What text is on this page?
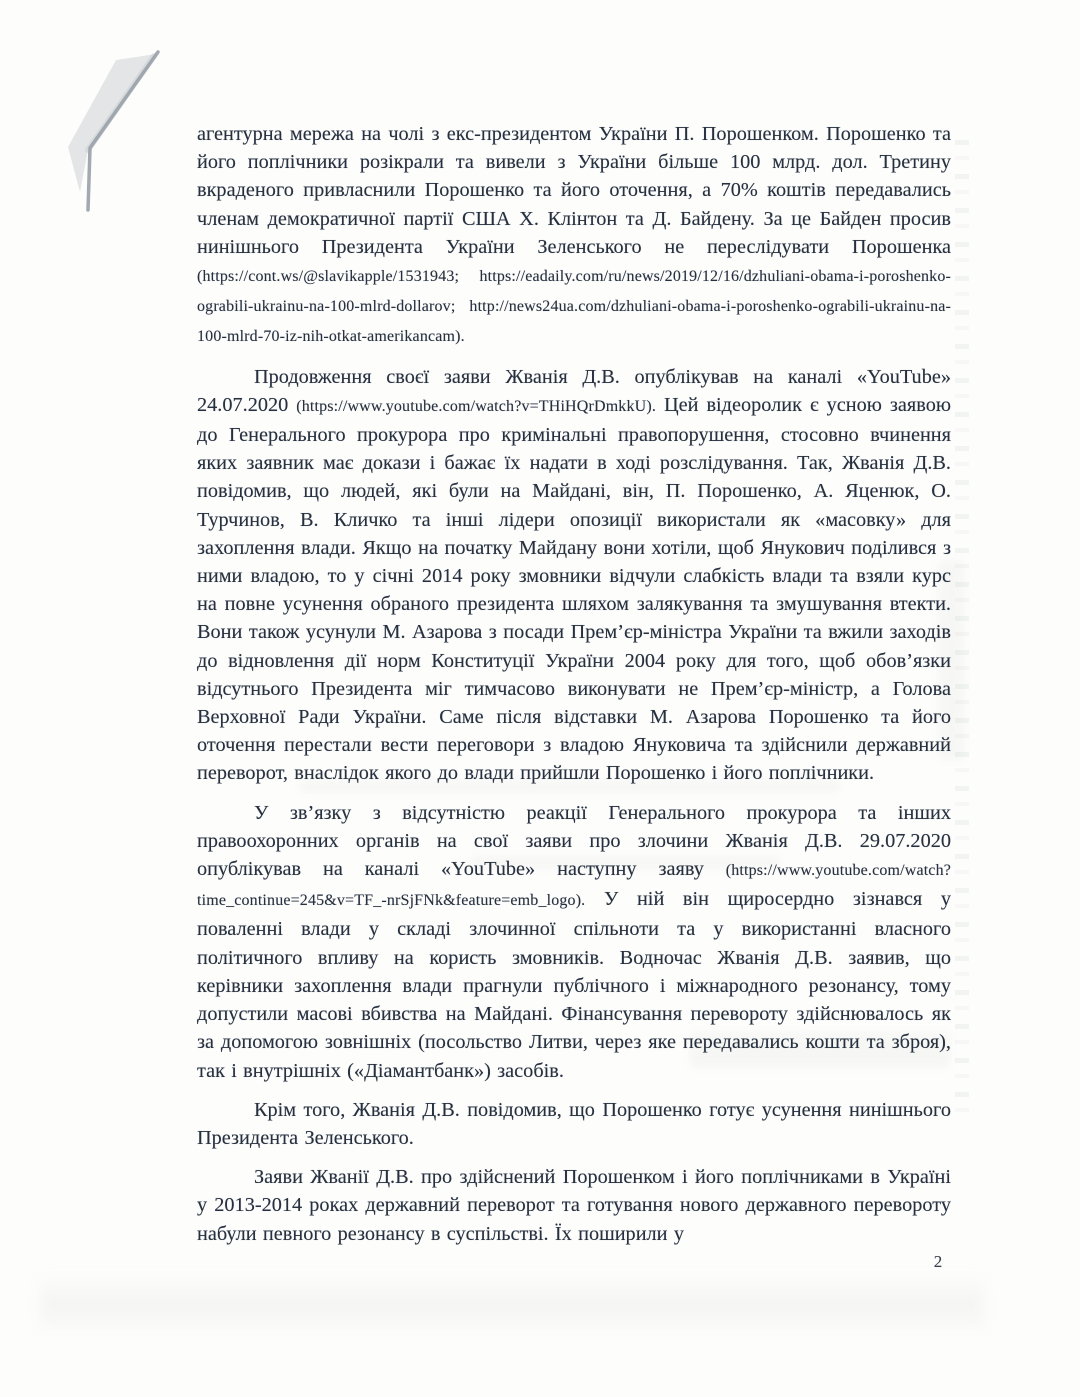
агентурна мережа на чолі з екс-президентом України П. Порошенком. Порошенко та його поплічники розікрали та вивели з України більше 100 млрд. дол. Третину вкраденого привласнили Порошенко та його оточення, а 70% коштів передавались членам демократичної партії США Х. Клінтон та Д. Байдену. За це Байден просив нинішнього Президента України Зеленського не переслідувати Порошенка (https://cont.ws/@slavikapple/1531943; https://eadaily.com/ru/news/2019/12/16/dzhuliani-obama-i-poroshenko-ograbili-ukrainu-na-100-mlrd-dollarov; http://news24ua.com/dzhuliani-obama-i-poroshenko-ograbili-ukrainu-na-100-mlrd-70-iz-nih-otkat-amerikancam).

Продовження своєї заяви Жванія Д.В. опублікував на каналі «YouTube» 24.07.2020 (https://www.youtube.com/watch?v=THiHQrDmkkU). Цей відеоролик є усною заявою до Генерального прокурора про кримінальні правопорушення, стосовно вчинення яких заявник має докази і бажає їх надати в ході розслідування. Так, Жванія Д.В. повідомив, що людей, які були на Майдані, він, П. Порошенко, А. Яценюк, О. Турчинов, В. Кличко та інші лідери опозиції використали як «масовку» для захоплення влади. Якщо на початку Майдану вони хотіли, щоб Янукович поділився з ними владою, то у січні 2014 року змовники відчули слабкість влади та взяли курс на повне усунення обраного президента шляхом залякування та змушування втекти. Вони також усунули М. Азарова з посади Прем’єр-міністра України та вжили заходів до відновлення дії норм Конституції України 2004 року для того, щоб обов’язки відсутнього Президента міг тимчасово виконувати не Прем’єр-міністр, а Голова Верховної Ради України. Саме після відставки М. Азарова Порошенко та його оточення перестали вести переговори з владою Януковича та здійснили державний переворот, внаслідок якого до влади прийшли Порошенко і його поплічники.

У зв’язку з відсутністю реакції Генерального прокурора та інших правоохоронних органів на свої заяви про злочини Жванія Д.В. 29.07.2020 опублікував на каналі «YouTube» наступну заяву (https://www.youtube.com/watch?time_continue=245&v=TF_-nrSjFNk&feature=emb_logo). У ній він щиросердно зізнався у поваленні влади у складі злочинної спільноти та у використанні власного політичного впливу на користь змовників. Водночас Жванія Д.В. заявив, що керівники захоплення влади прагнули публічного і міжнародного резонансу, тому допустили масові вбивства на Майдані. Фінансування перевороту здійснювалось як за допомогою зовнішніх (посольство Литви, через яке передавались кошти та зброя), так і внутрішніх («Діамантбанк») засобів.

Крім того, Жванія Д.В. повідомив, що Порошенко готує усунення нинішнього Президента Зеленського.

Заяви Жванії Д.В. про здійснений Порошенком і його поплічниками в Україні у 2013-2014 роках державний переворот та готування нового державного перевороту набули певного резонансу в суспільстві. Їх поширили у

2
